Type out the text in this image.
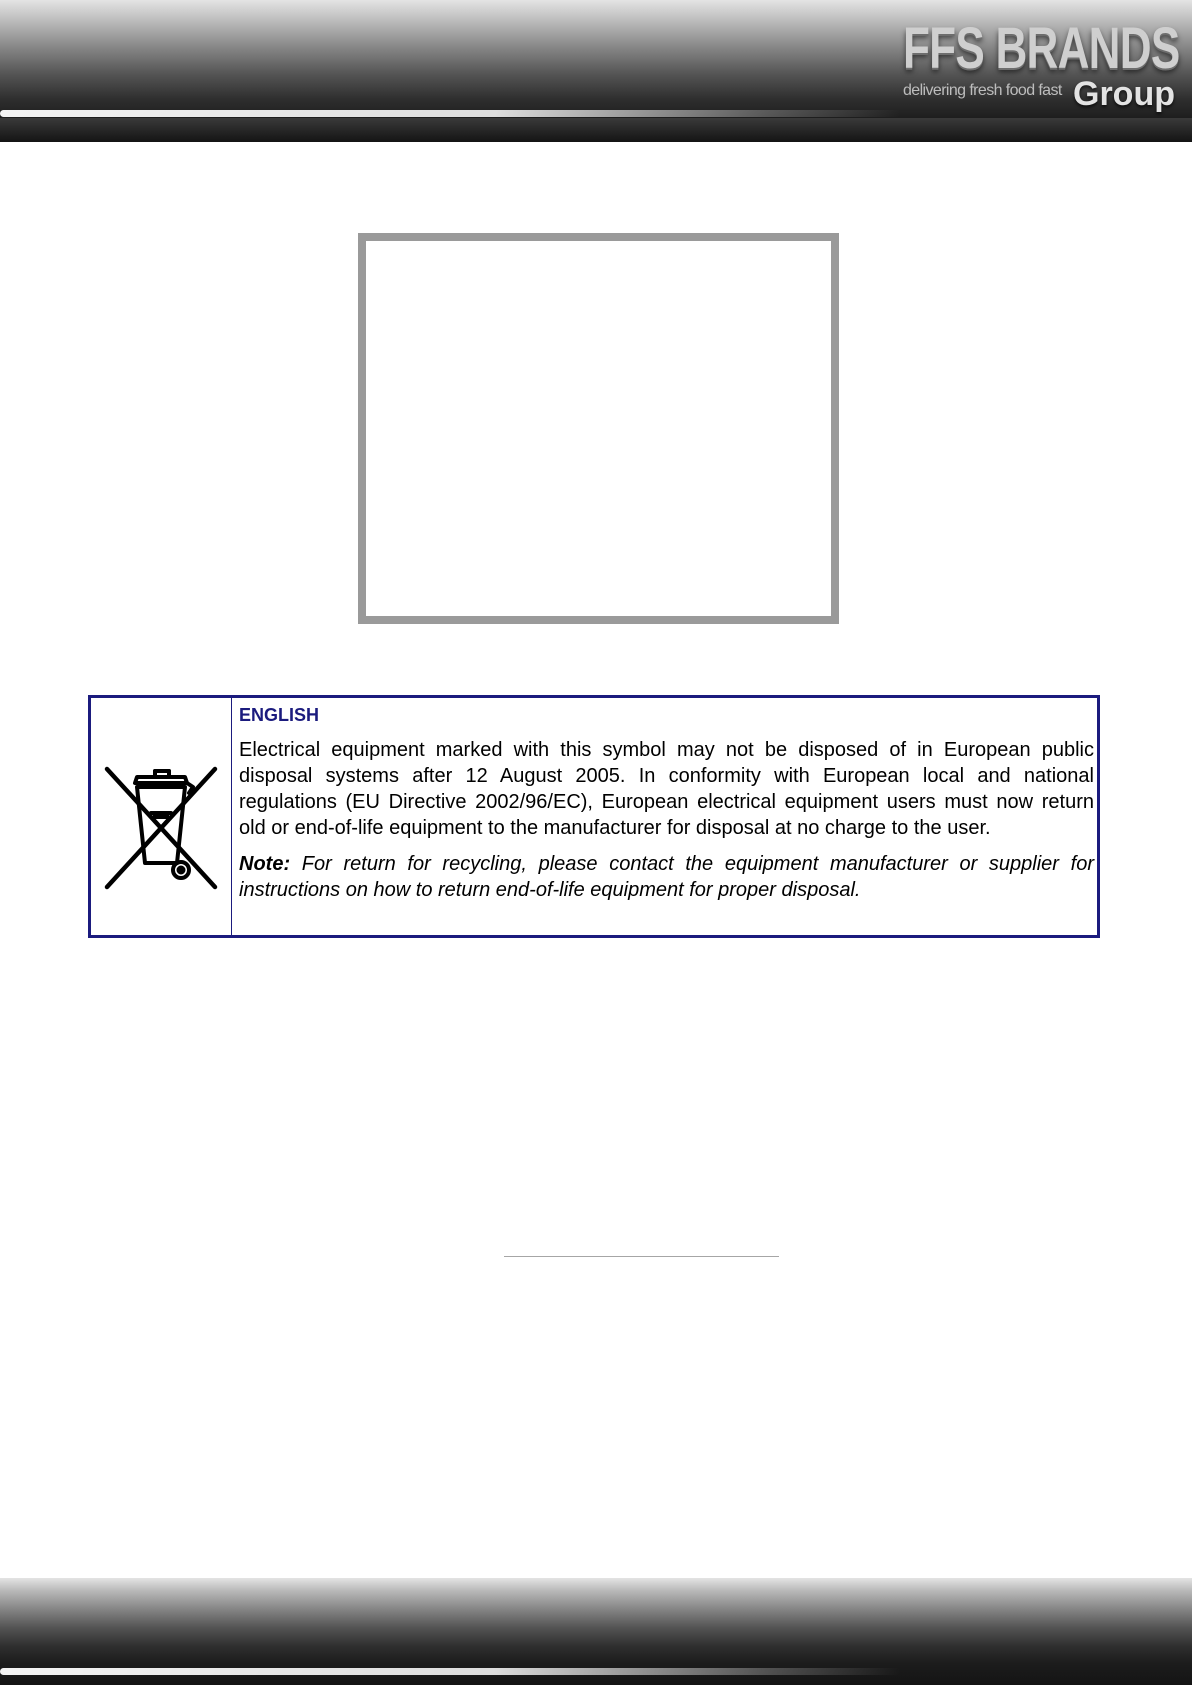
FFS BRANDS
delivering fresh food fast Group
ENGLISH

Electrical equipment marked with this symbol may not be disposed of in European public disposal systems after 12 August 2005. In conformity with European local and national regulations (EU Directive 2002/96/EC), European electrical equipment users must now return old or end-of-life equipment to the manufacturer for disposal at no charge to the user.

Note: For return for recycling, please contact the equipment manufacturer or supplier for instructions on how to return end-of-life equipment for proper disposal.
